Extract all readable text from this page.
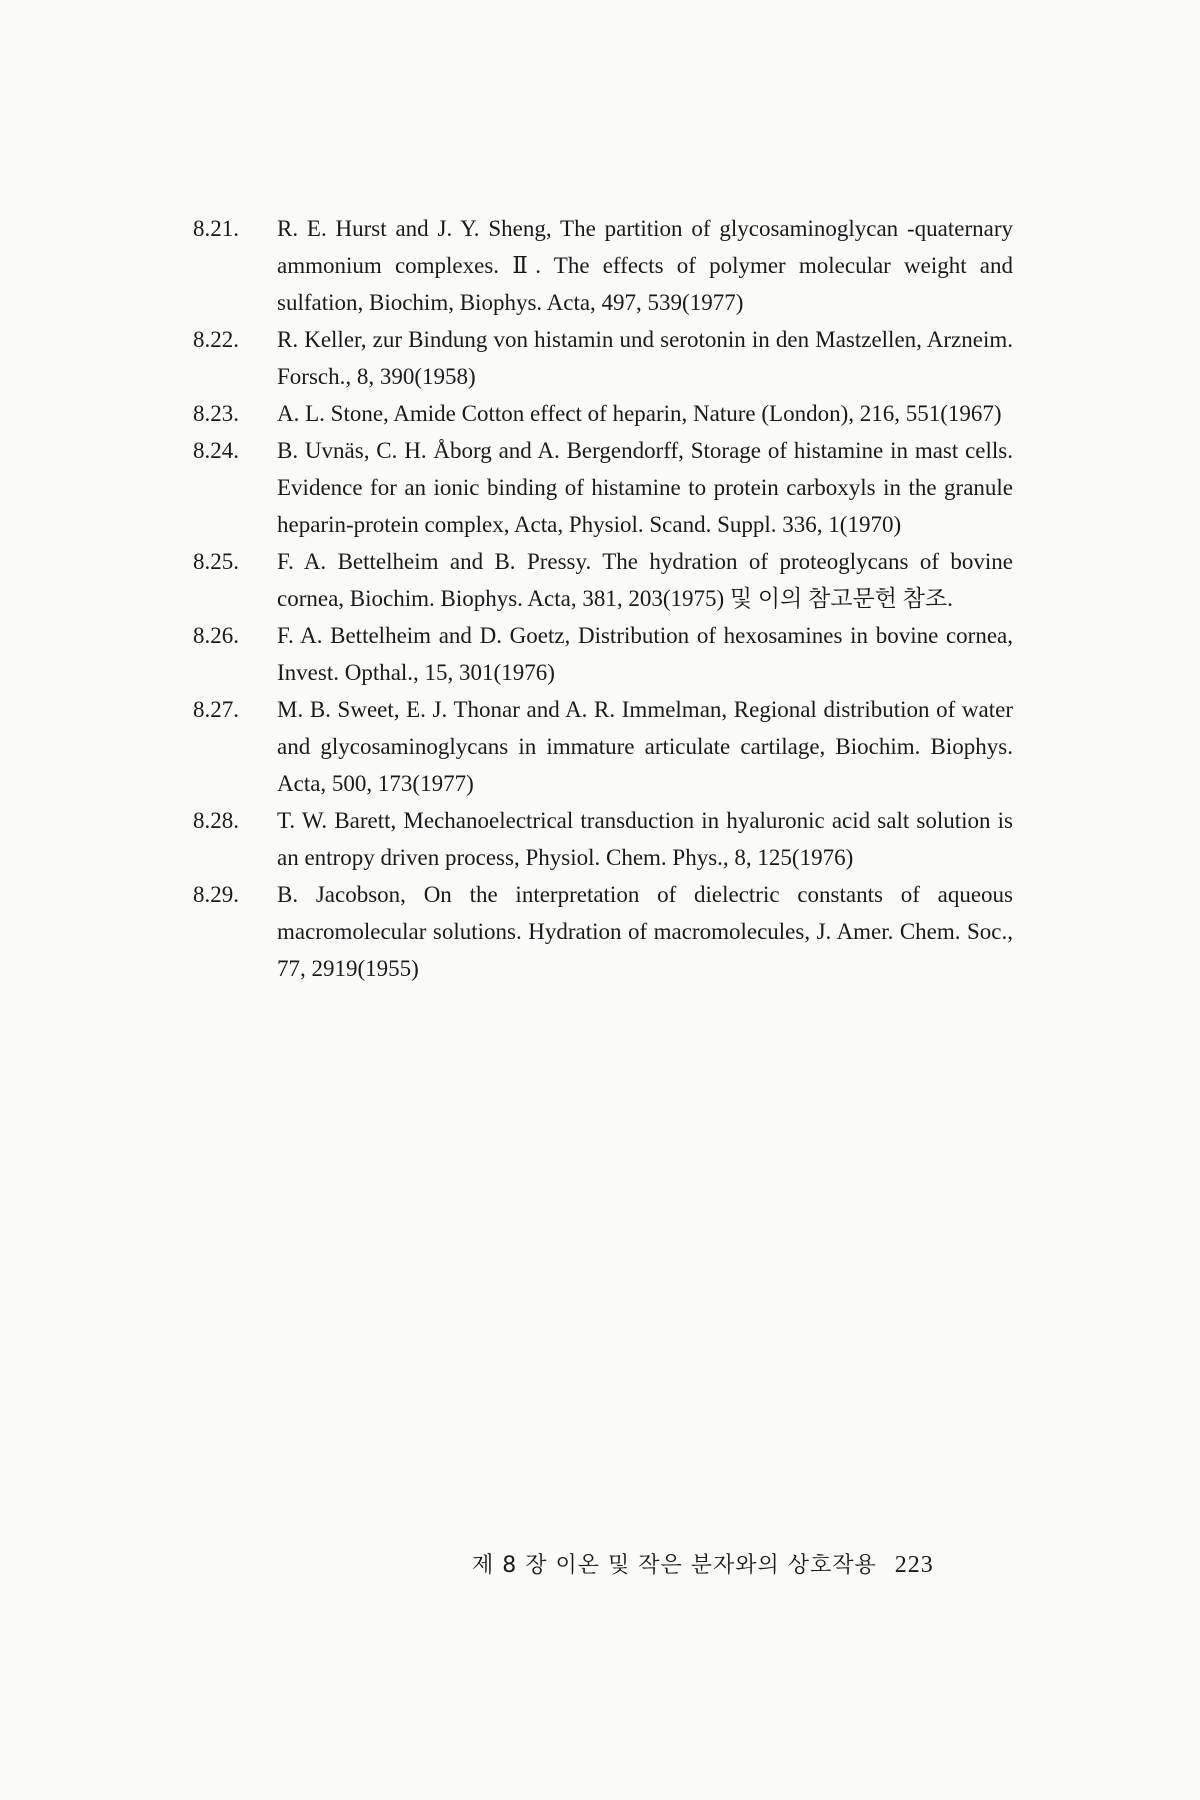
8.21.	R. E. Hurst and J. Y. Sheng, The partition of glycosaminoglycan -quaternary ammonium complexes. Ⅱ. The effects of polymer molecular weight and sulfation, Biochim, Biophys. Acta, 497, 539(1977)
8.22.	R. Keller, zur Bindung von histamin und serotonin in den Mastzellen, Arzneim. Forsch., 8, 390(1958)
8.23.	A. L. Stone, Amide Cotton effect of heparin, Nature (London), 216, 551(1967)
8.24.	B. Uvnäs, C. H. Åborg and A. Bergendorff, Storage of histamine in mast cells. Evidence for an ionic binding of histamine to protein carboxyls in the granule heparin-protein complex, Acta, Physiol. Scand. Suppl. 336, 1(1970)
8.25.	F. A. Bettelheim and B. Pressy. The hydration of proteoglycans of bovine cornea, Biochim. Biophys. Acta, 381, 203(1975) 및 이의 참고문헌 참조.
8.26.	F. A. Bettelheim and D. Goetz, Distribution of hexosamines in bovine cornea, Invest. Opthal., 15, 301(1976)
8.27.	M. B. Sweet, E. J. Thonar and A. R. Immelman, Regional distribution of water and glycosaminoglycans in immature articulate cartilage, Biochim. Biophys. Acta, 500, 173(1977)
8.28.	T. W. Barett, Mechanoelectrical transduction in hyaluronic acid salt solution is an entropy driven process, Physiol. Chem. Phys., 8, 125(1976)
8.29.	B. Jacobson, On the interpretation of dielectric constants of aqueous macromolecular solutions. Hydration of macromolecules, J. Amer. Chem. Soc., 77, 2919(1955)
제 8 장 이온 및 작은 분자와의 상호작용 223
